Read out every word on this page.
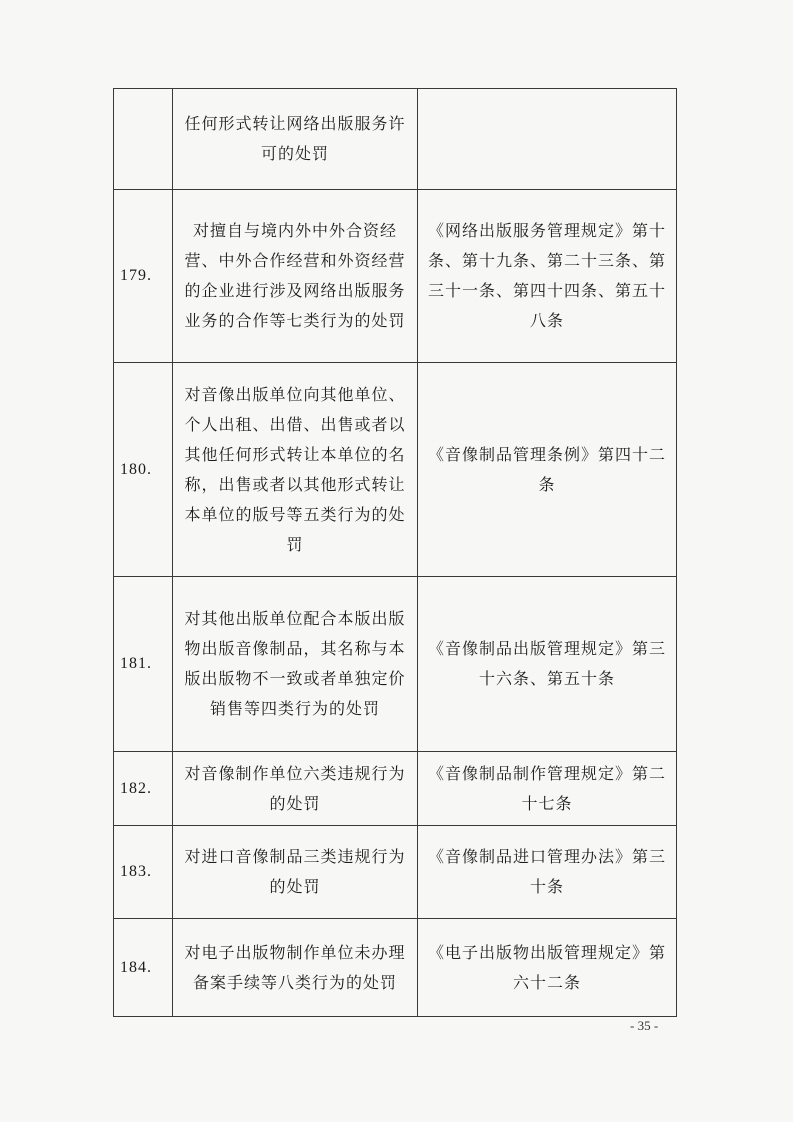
	任何形式转让网络出版服务许可的处罚	
179.	对擅自与境内外中外合资经营、中外合作经营和外资经营的企业进行涉及网络出版服务业务的合作等七类行为的处罚	《网络出版服务管理规定》第十条、第十九条、第二十三条、第三十一条、第四十四条、第五十八条
180.	对音像出版单位向其他单位、个人出租、出借、出售或者以其他任何形式转让本单位的名称，出售或者以其他形式转让本单位的版号等五类行为的处罚	《音像制品管理条例》第四十二条
181.	对其他出版单位配合本版出版物出版音像制品，其名称与本版出版物不一致或者单独定价销售等四类行为的处罚	《音像制品出版管理规定》第三十六条、第五十条
182.	对音像制作单位六类违规行为的处罚	《音像制品制作管理规定》第二十七条
183.	对进口音像制品三类违规行为的处罚	《音像制品进口管理办法》第三十条
184.	对电子出版物制作单位未办理备案手续等八类行为的处罚	《电子出版物出版管理规定》第六十二条
- 35 -
